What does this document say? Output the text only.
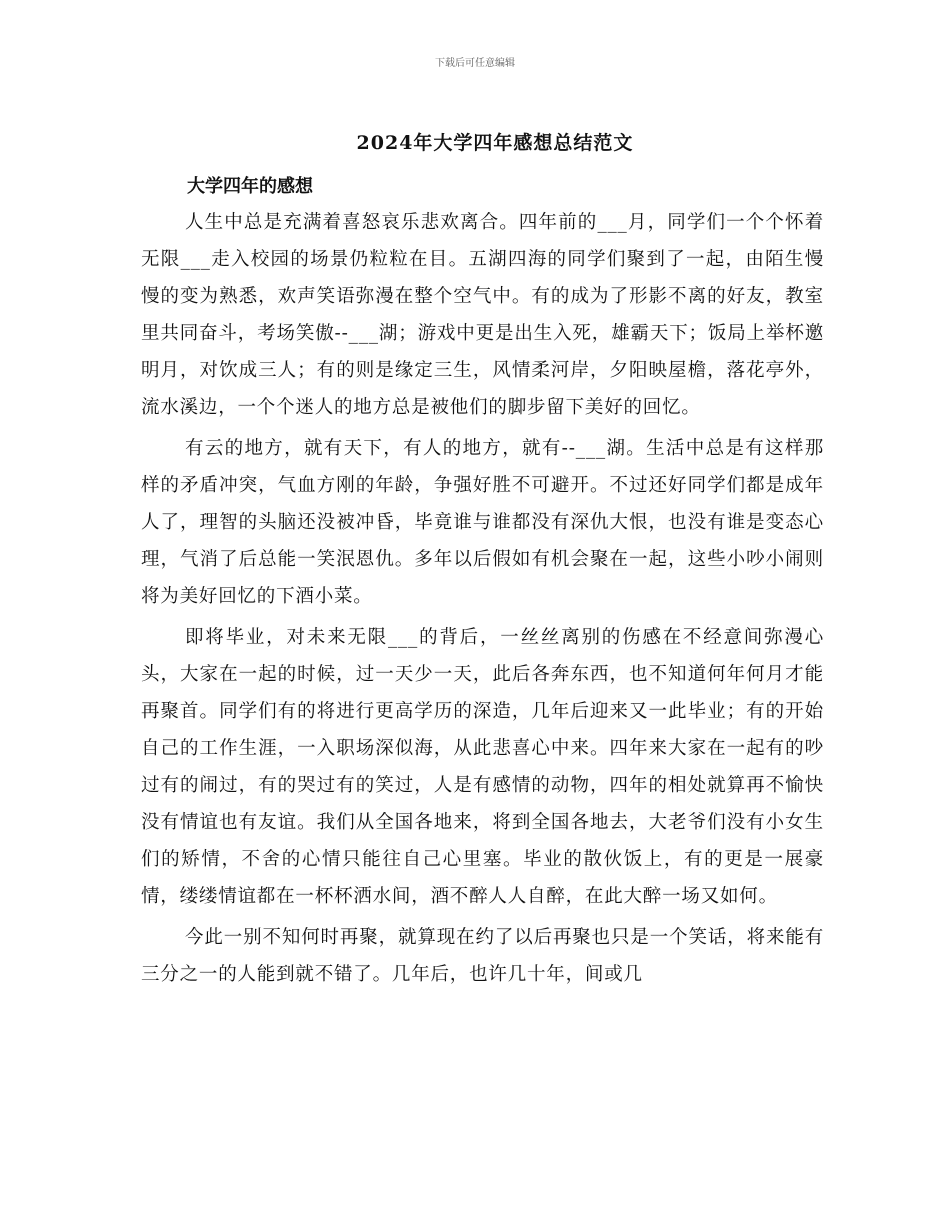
下载后可任意编辑
2024年大学四年感想总结范文

大学四年的感想

人生中总是充满着喜怒哀乐悲欢离合。四年前的___月，同学们一个个怀着无限___走入校园的场景仍粒粒在目。五湖四海的同学们聚到了一起，由陌生慢慢的变为熟悉，欢声笑语弥漫在整个空气中。有的成为了形影不离的好友，教室里共同奋斗，考场笑傲--___湖；游戏中更是出生入死，雄霸天下；饭局上举杯邀明月，对饮成三人；有的则是缘定三生，风情柔河岸，夕阳映屋檐，落花亭外，流水溪边，一个个迷人的地方总是被他们的脚步留下美好的回忆。

有云的地方，就有天下，有人的地方，就有--___湖。生活中总是有这样那样的矛盾冲突，气血方刚的年龄，争强好胜不可避开。不过还好同学们都是成年人了，理智的头脑还没被冲昏，毕竟谁与谁都没有深仇大恨，也没有谁是变态心理，气消了后总能一笑泯恩仇。多年以后假如有机会聚在一起，这些小吵小闹则将为美好回忆的下酒小菜。

即将毕业，对未来无限___的背后，一丝丝离别的伤感在不经意间弥漫心头，大家在一起的时候，过一天少一天，此后各奔东西，也不知道何年何月才能再聚首。同学们有的将进行更高学历的深造，几年后迎来又一此毕业；有的开始自己的工作生涯，一入职场深似海，从此悲喜心中来。四年来大家在一起有的吵过有的闹过，有的哭过有的笑过，人是有感情的动物，四年的相处就算再不愉快没有情谊也有友谊。我们从全国各地来，将到全国各地去，大老爷们没有小女生们的矫情，不舍的心情只能往自己心里塞。毕业的散伙饭上，有的更是一展豪情，缕缕情谊都在一杯杯洒水间，酒不醉人人自醉，在此大醉一场又如何。

今此一别不知何时再聚，就算现在约了以后再聚也只是一个笑话，将来能有三分之一的人能到就不错了。几年后，也许几十年，间或几
